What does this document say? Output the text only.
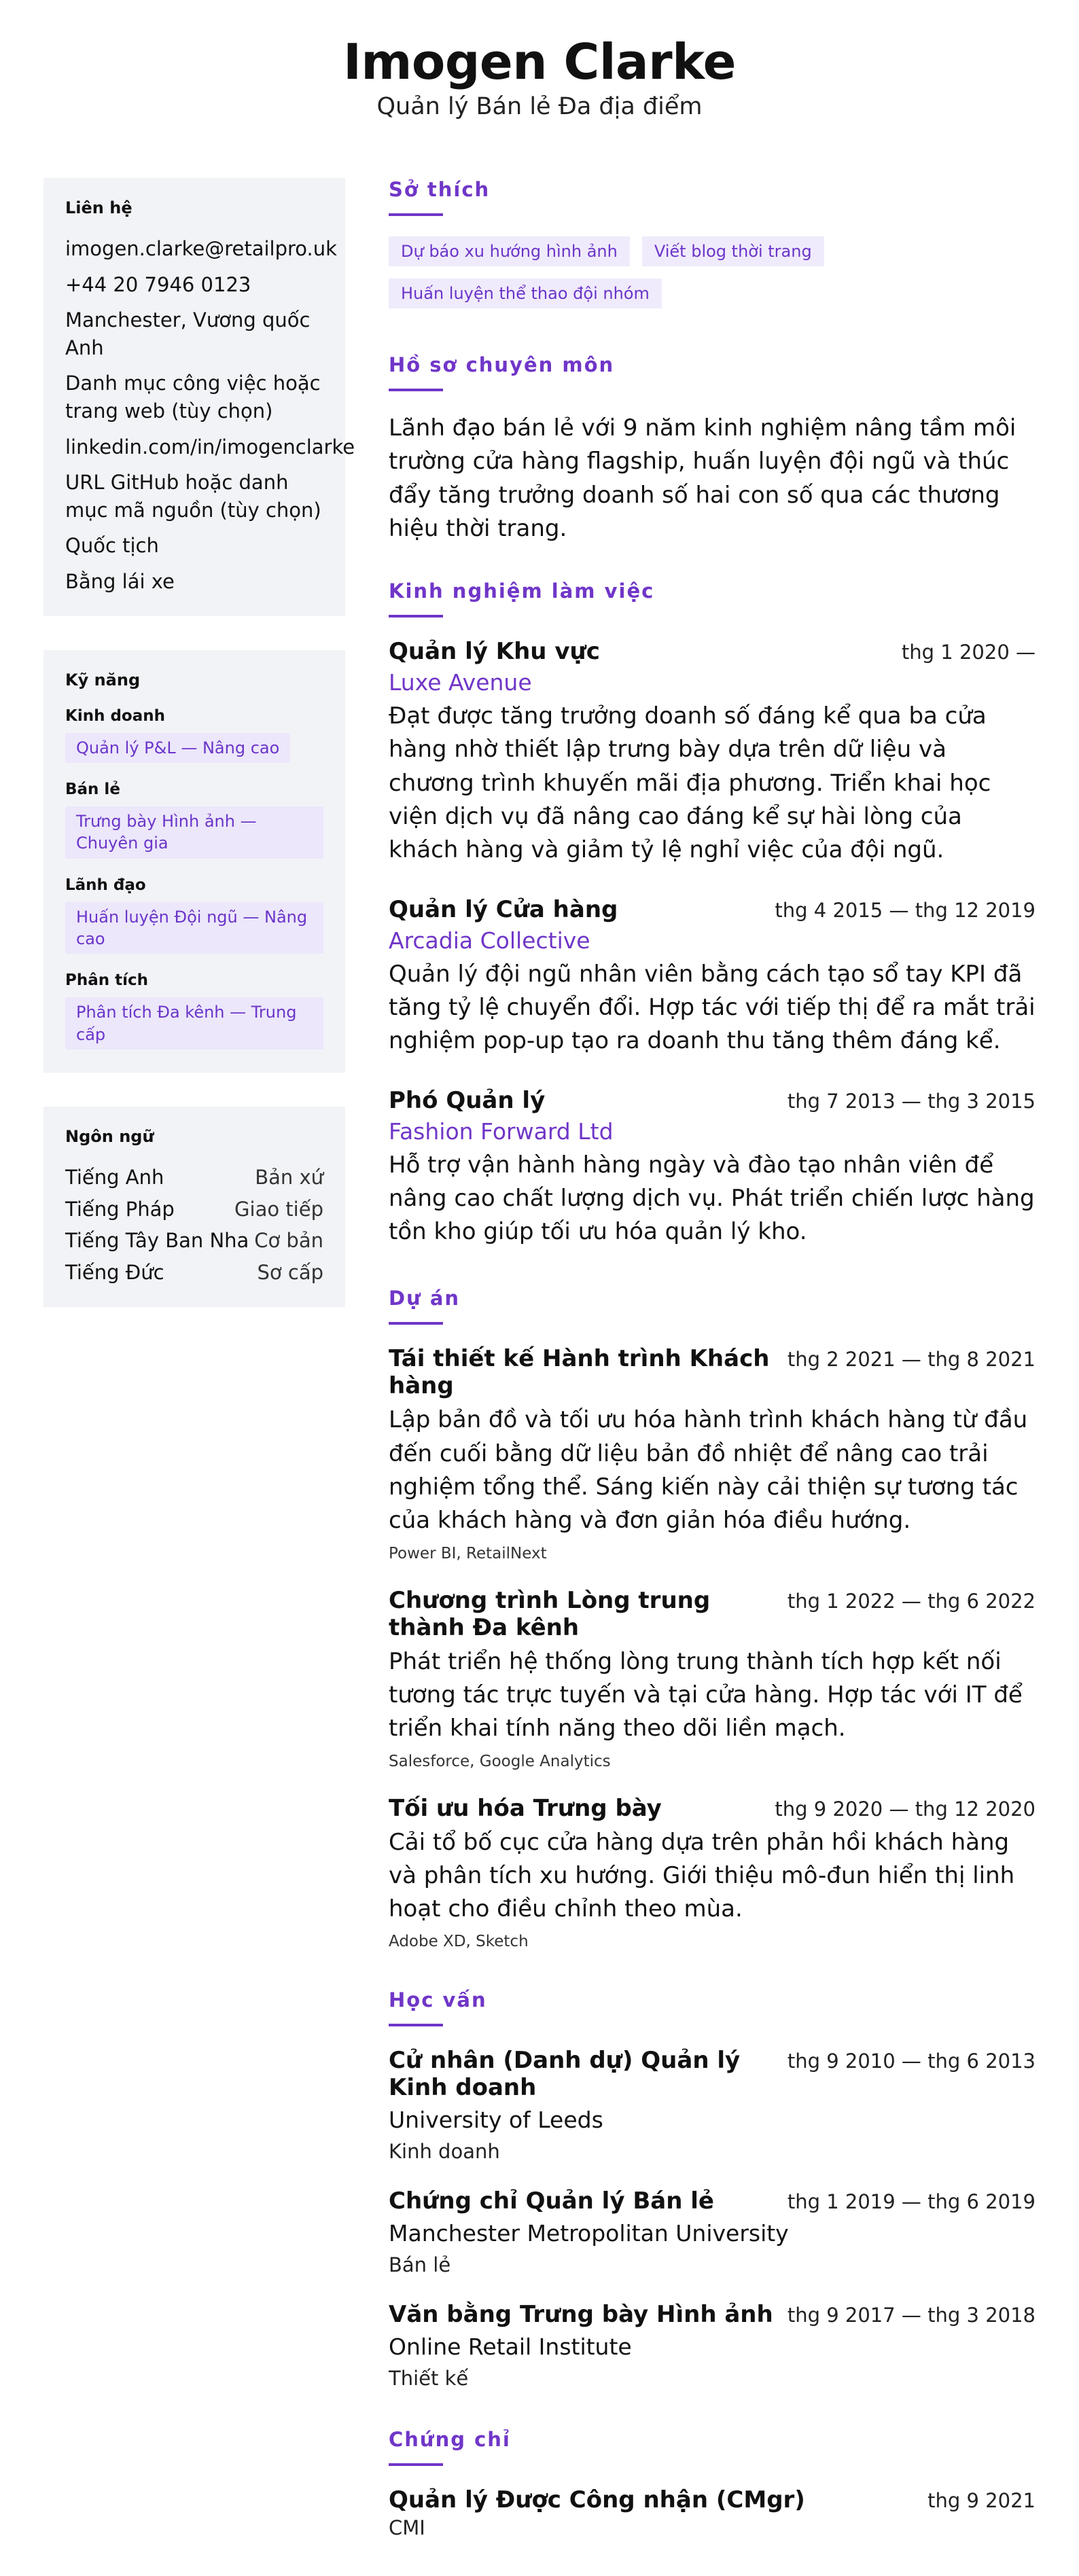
Imogen Clarke
Quản lý Bán lẻ Đa địa điểm
Liên hệ
imogen.clarke@retailpro.uk
+44 20 7946 0123
Manchester, Vương quốc Anh
Danh mục công việc hoặc trang web (tùy chọn)
linkedin.com/in/imogenclarke
URL GitHub hoặc danh mục mã nguồn (tùy chọn)
Quốc tịch
Bằng lái xe
Kỹ năng
Kinh doanh
Quản lý P&L — Nâng cao
Bán lẻ
Trưng bày Hình ảnh — Chuyên gia
Lãnh đạo
Huấn luyện Đội ngũ — Nâng cao
Phân tích
Phân tích Đa kênh — Trung cấp
Ngôn ngữ
Tiếng Anh	Bản xứ
Tiếng Pháp	Giao tiếp
Tiếng Tây Ban Nha Cơ bản
Tiếng Đức	Sơ cấp
Sở thích
Dự báo xu hướng hình ảnh	Viết blog thời trang
Huấn luyện thể thao đội nhóm
Hồ sơ chuyên môn
Lãnh đạo bán lẻ với 9 năm kinh nghiệm nâng tầm môi trường cửa hàng flagship, huấn luyện đội ngũ và thúc đẩy tăng trưởng doanh số hai con số qua các thương hiệu thời trang.
Kinh nghiệm làm việc
Quản lý Khu vực	thg 1 2020 —
Luxe Avenue
Đạt được tăng trưởng doanh số đáng kể qua ba cửa hàng nhờ thiết lập trưng bày dựa trên dữ liệu và chương trình khuyến mãi địa phương. Triển khai học viện dịch vụ đã nâng cao đáng kể sự hài lòng của khách hàng và giảm tỷ lệ nghỉ việc của đội ngũ.
Quản lý Cửa hàng	thg 4 2015 — thg 12 2019
Arcadia Collective
Quản lý đội ngũ nhân viên bằng cách tạo sổ tay KPI đã tăng tỷ lệ chuyển đổi. Hợp tác với tiếp thị để ra mắt trải nghiệm pop-up tạo ra doanh thu tăng thêm đáng kể.
Phó Quản lý	thg 7 2013 — thg 3 2015
Fashion Forward Ltd
Hỗ trợ vận hành hàng ngày và đào tạo nhân viên để nâng cao chất lượng dịch vụ. Phát triển chiến lược hàng tồn kho giúp tối ưu hóa quản lý kho.
Dự án
Tái thiết kế Hành trình Khách hàng
thg 2 2021 — thg 8 2021
Lập bản đồ và tối ưu hóa hành trình khách hàng từ đầu đến cuối bằng dữ liệu bản đồ nhiệt để nâng cao trải nghiệm tổng thể. Sáng kiến này cải thiện sự tương tác của khách hàng và đơn giản hóa điều hướng.
Power BI, RetailNext
Chương trình Lòng trung thành Đa kênh
thg 1 2022 — thg 6 2022
Phát triển hệ thống lòng trung thành tích hợp kết nối tương tác trực tuyến và tại cửa hàng. Hợp tác với IT để triển khai tính năng theo dõi liền mạch.
Salesforce, Google Analytics
Tối ưu hóa Trưng bày	thg 9 2020 — thg 12 2020
Cải tổ bố cục cửa hàng dựa trên phản hồi khách hàng và phân tích xu hướng. Giới thiệu mô-đun hiển thị linh hoạt cho điều chỉnh theo mùa.
Adobe XD, Sketch
Học vấn
Cử nhân (Danh dự) Quản lý Kinh doanh
thg 9 2010 — thg 6 2013
University of Leeds
Kinh doanh
Chứng chỉ Quản lý Bán lẻ	thg 1 2019 — thg 6 2019
Manchester Metropolitan University
Bán lẻ
Văn bằng Trưng bày Hình ảnh thg 9 2017 — thg 3 2018
Online Retail Institute
Thiết kế
Chứng chỉ
Quản lý Được Công nhận (CMgr)	thg 9 2021
CMI
